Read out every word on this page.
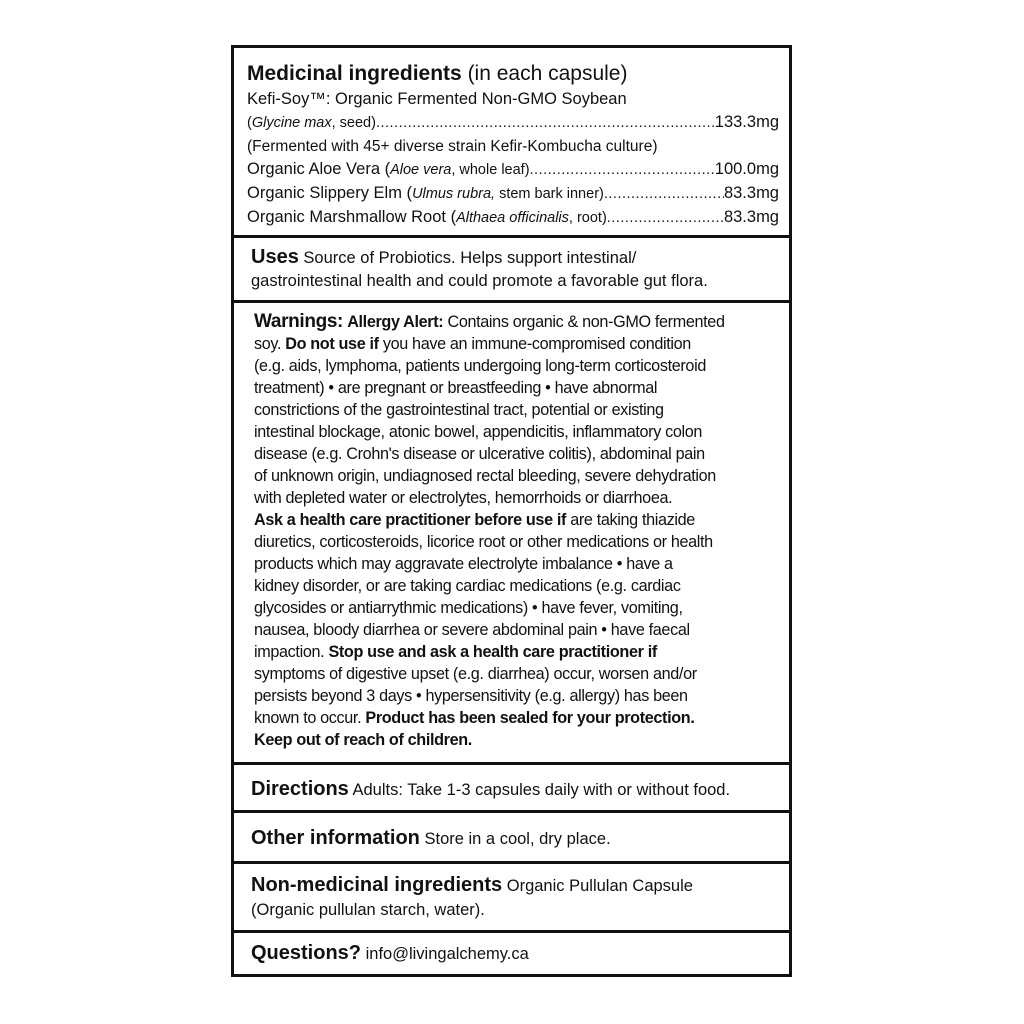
Medicinal ingredients (in each capsule)
Kefi-Soy™: Organic Fermented Non-GMO Soybean
(Glycine max, seed) .....	133.3mg
(Fermented with 45+ diverse strain Kefir-Kombucha culture)
Organic Aloe Vera (Aloe vera, whole leaf) .....	100.0mg
Organic Slippery Elm (Ulmus rubra, stem bark inner) .....	83.3mg
Organic Marshmallow Root (Althaea officinalis, root) .....	83.3mg
Uses Source of Probiotics. Helps support intestinal/
gastrointestinal health and could promote a favorable gut flora.
Warnings: Allergy Alert: Contains organic & non-GMO fermented
soy. Do not use if you have an immune-compromised condition
(e.g. aids, lymphoma, patients undergoing long-term corticosteroid
treatment) • are pregnant or breastfeeding • have abnormal
constrictions of the gastrointestinal tract, potential or existing
intestinal blockage, atonic bowel, appendicitis, inflammatory colon
disease (e.g. Crohn's disease or ulcerative colitis), abdominal pain
of unknown origin, undiagnosed rectal bleeding, severe dehydration
with depleted water or electrolytes, hemorrhoids or diarrhoea.
Ask a health care practitioner before use if are taking thiazide
diuretics, corticosteroids, licorice root or other medications or health
products which may aggravate electrolyte imbalance • have a
kidney disorder, or are taking cardiac medications (e.g. cardiac
glycosides or antiarrythmic medications) • have fever, vomiting,
nausea, bloody diarrhea or severe abdominal pain • have faecal
impaction. Stop use and ask a health care practitioner if
symptoms of digestive upset (e.g. diarrhea) occur, worsen and/or
persists beyond 3 days • hypersensitivity (e.g. allergy) has been
known to occur. Product has been sealed for your protection.
Keep out of reach of children.
Directions Adults: Take 1-3 capsules daily with or without food.
Other information Store in a cool, dry place.
Non-medicinal ingredients Organic Pullulan Capsule
(Organic pullulan starch, water).
Questions? info@livingalchemy.ca
